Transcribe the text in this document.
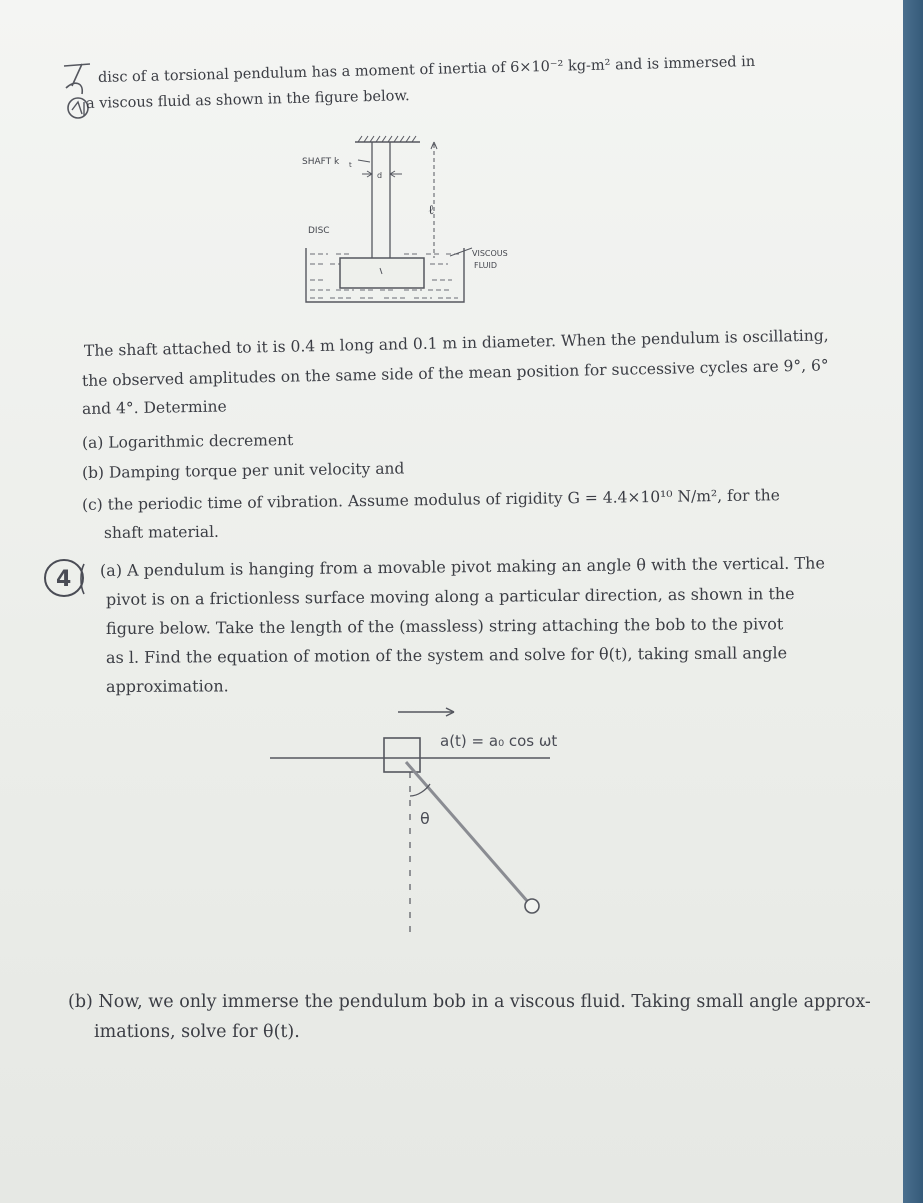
disc of a torsional pendulum has a moment of inertia of 6×10⁻² kg-m² and is immersed in

a viscous fluid as shown in the figure below.

SHAFT k t
d
ℓ
DISC
VISCOUS
FLUID

The shaft attached to it is 0.4 m long and 0.1 m in diameter. When the pendulum is oscillating,

the observed amplitudes on the same side of the mean position for successive cycles are 9°, 6°

and 4°. Determine

(a) Logarithmic decrement

(b) Damping torque per unit velocity and

(c) the periodic time of vibration. Assume modulus of rigidity G = 4.4×10¹⁰ N/m², for the

shaft material.

4 (a) A pendulum is hanging from a movable pivot making an angle θ with the vertical. The

pivot is on a frictionless surface moving along a particular direction, as shown in the

figure below. Take the length of the (massless) string attaching the bob to the pivot

as l. Find the equation of motion of the system and solve for θ(t), taking small angle

approximation.

a(t) = a₀ cos ωt
θ

(b) Now, we only immerse the pendulum bob in a viscous fluid. Taking small angle approx-

imations, solve for θ(t).
